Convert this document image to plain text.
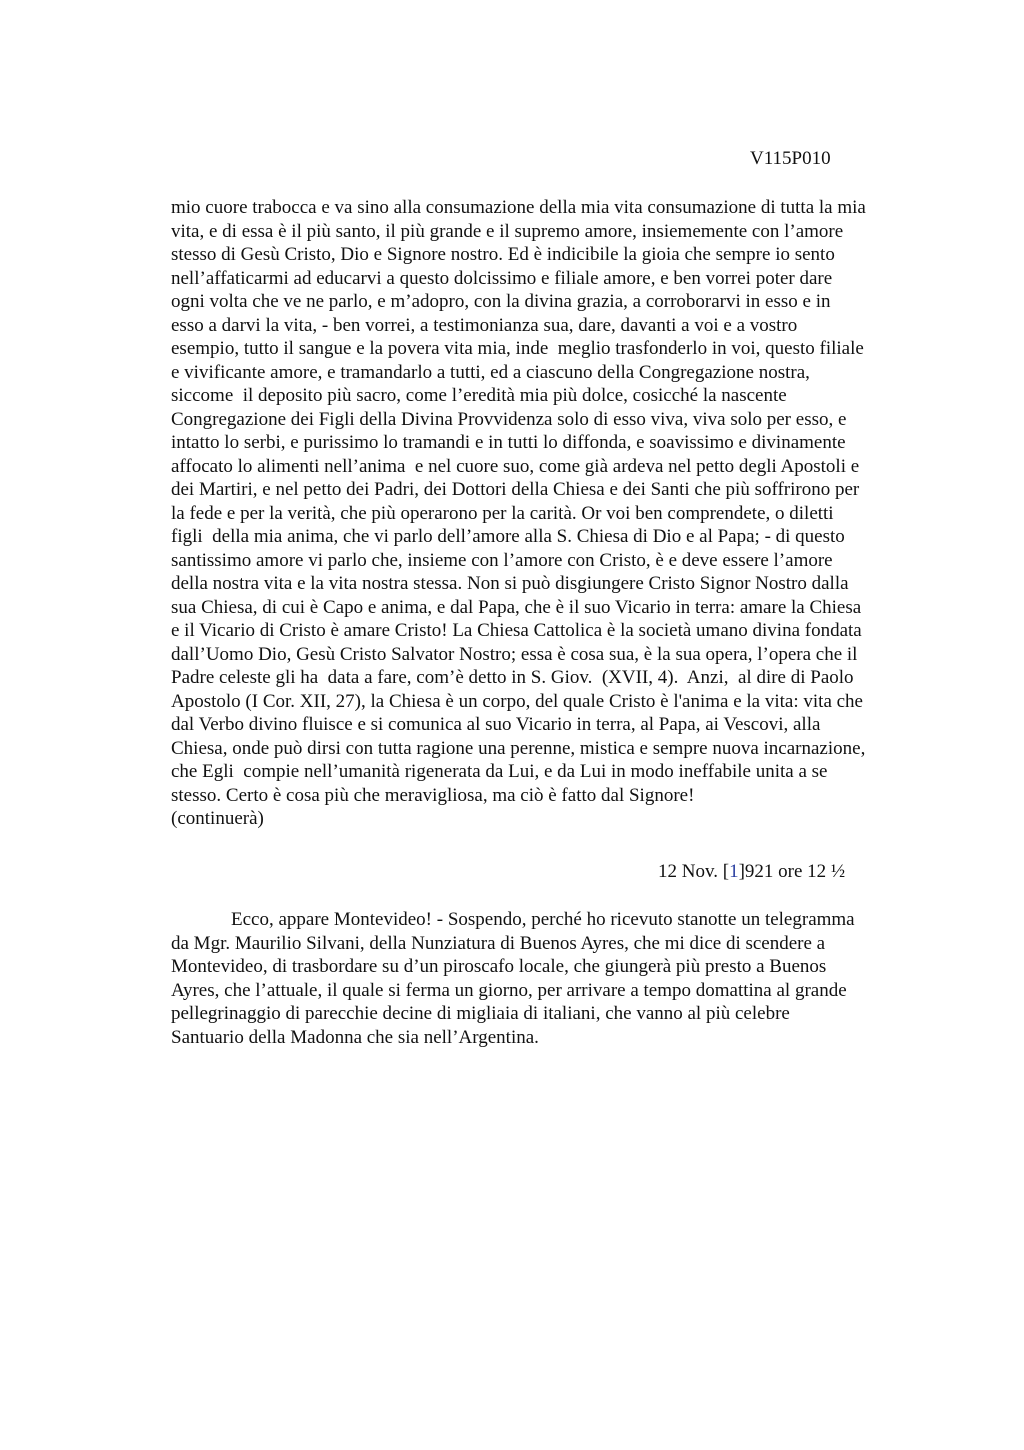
V115P010
mio cuore trabocca e va sino alla consumazione della mia vita consumazione di tutta la mia
vita, e di essa è il più santo, il più grande e il supremo amore, insiememente con l’amore
stesso di Gesù Cristo, Dio e Signore nostro. Ed è indicibile la gioia che sempre io sento
nell’affaticarmi ad educarvi a questo dolcissimo e filiale amore, e ben vorrei poter dare
ogni volta che ve ne parlo, e m’adopro, con la divina grazia, a corroborarvi in esso e in
esso a darvi la vita, - ben vorrei, a testimonianza sua, dare, davanti a voi e a vostro
esempio, tutto il sangue e la povera vita mia, inde  meglio trasfonderlo in voi, questo filiale
e vivificante amore, e tramandarlo a tutti, ed a ciascuno della Congregazione nostra,
siccome  il deposito più sacro, come l’eredità mia più dolce, cosicché la nascente
Congregazione dei Figli della Divina Provvidenza solo di esso viva, viva solo per esso, e
intatto lo serbi, e purissimo lo tramandi e in tutti lo diffonda, e soavissimo e divinamente
affocato lo alimenti nell’anima  e nel cuore suo, come già ardeva nel petto degli Apostoli e
dei Martiri, e nel petto dei Padri, dei Dottori della Chiesa e dei Santi che più soffrirono per
la fede e per la verità, che più operarono per la carità. Or voi ben comprendete, o diletti
figli  della mia anima, che vi parlo dell’amore alla S. Chiesa di Dio e al Papa; - di questo
santissimo amore vi parlo che, insieme con l’amore con Cristo, è e deve essere l’amore
della nostra vita e la vita nostra stessa. Non si può disgiungere Cristo Signor Nostro dalla
sua Chiesa, di cui è Capo e anima, e dal Papa, che è il suo Vicario in terra: amare la Chiesa
e il Vicario di Cristo è amare Cristo! La Chiesa Cattolica è la società umano divina fondata
dall’Uomo Dio, Gesù Cristo Salvator Nostro; essa è cosa sua, è la sua opera, l’opera che il
Padre celeste gli ha  data a fare, com’è detto in S. Giov.  (XVII, 4).  Anzi,  al dire di Paolo
Apostolo (I Cor. XII, 27), la Chiesa è un corpo, del quale Cristo è l'anima e la vita: vita che
dal Verbo divino fluisce e si comunica al suo Vicario in terra, al Papa, ai Vescovi, alla
Chiesa, onde può dirsi con tutta ragione una perenne, mistica e sempre nuova incarnazione,
che Egli  compie nell’umanità rigenerata da Lui, e da Lui in modo ineffabile unita a se
stesso. Certo è cosa più che meravigliosa, ma ciò è fatto dal Signore!
(continuerà)
12 Nov. [1]921 ore 12 ½
Ecco, appare Montevideo! - Sospendo, perché ho ricevuto stanotte un telegramma
da Mgr. Maurilio Silvani, della Nunziatura di Buenos Ayres, che mi dice di scendere a
Montevideo, di trasbordare su d’un piroscafo locale, che giungerà più presto a Buenos
Ayres, che l’attuale, il quale si ferma un giorno, per arrivare a tempo domattina al grande
pellegrinaggio di parecchie decine di migliaia di italiani, che vanno al più celebre
Santuario della Madonna che sia nell’Argentina.
